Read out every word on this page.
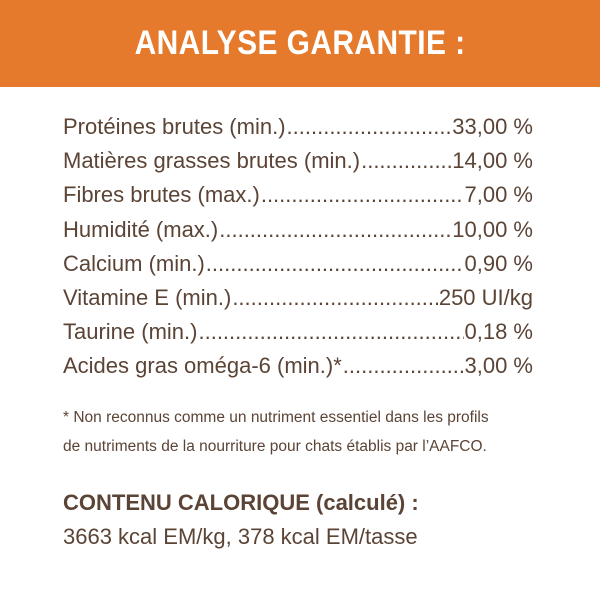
ANALYSE GARANTIE :
Protéines brutes (min.) .....	33,00 %
Matières grasses brutes (min.) .....	14,00 %
Fibres brutes (max.) .....	7,00 %
Humidité (max.) .....	10,00 %
Calcium (min.) .....	0,90 %
Vitamine E (min.) .....	250 UI/kg
Taurine (min.) .....	0,18 %
Acides gras oméga-6 (min.)* .....	3,00 %
* Non reconnus comme un nutriment essentiel dans les profils
de nutriments de la nourriture pour chats établis par l’AAFCO.
CONTENU CALORIQUE (calculé) :
3663 kcal EM/kg, 378 kcal EM/tasse
